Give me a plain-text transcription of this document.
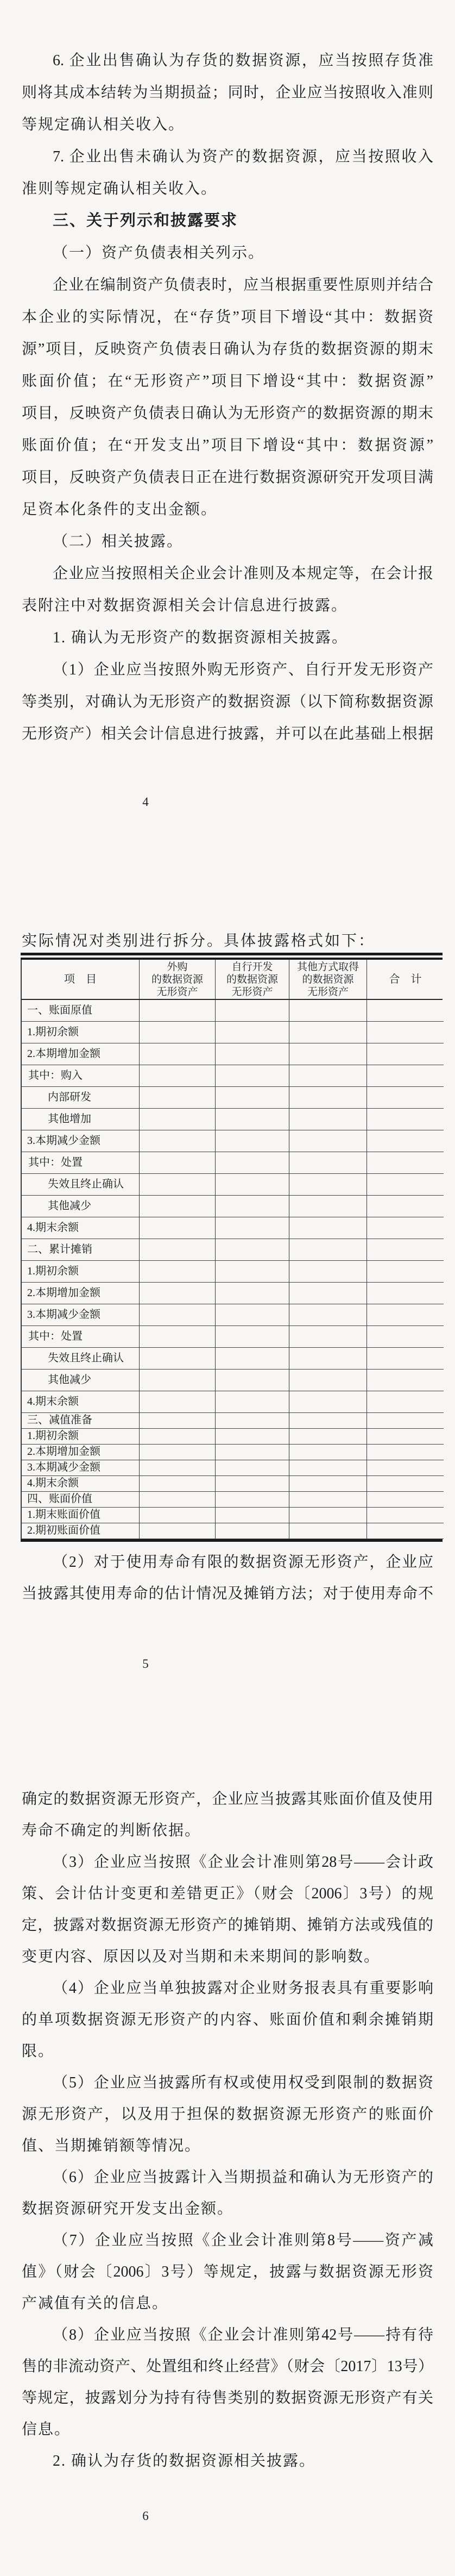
6. 企业出售确认为存货的数据资源，应当按照存货准
则将其成本结转为当期损益；同时，企业应当按照收入准则
等规定确认相关收入。
7. 企业出售未确认为资产的数据资源，应当按照收入
准则等规定确认相关收入。
三、关于列示和披露要求
（一）资产负债表相关列示。
企业在编制资产负债表时，应当根据重要性原则并结合
本企业的实际情况，在“存货”项目下增设“其中：数据资
源”项目，反映资产负债表日确认为存货的数据资源的期末
账面价值；在“无形资产”项目下增设“其中：数据资源”
项目，反映资产负债表日确认为无形资产的数据资源的期末
账面价值；在“开发支出”项目下增设“其中：数据资源”
项目，反映资产负债表日正在进行数据资源研究开发项目满
足资本化条件的支出金额。
（二）相关披露。
企业应当按照相关企业会计准则及本规定等，在会计报
表附注中对数据资源相关会计信息进行披露。
1. 确认为无形资产的数据资源相关披露。
（1）企业应当按照外购无形资产、自行开发无形资产
等类别，对确认为无形资产的数据资源（以下简称数据资源
无形资产）相关会计信息进行披露，并可以在此基础上根据
4
实际情况对类别进行拆分。具体披露格式如下：
项　目
外购
的数据资源
无形资产
自行开发
的数据资源
无形资产
其他方式取得
的数据资源
无形资产
合　计
一、账面原值
1.期初余额
2.本期增加金额
其中：购入
内部研发
其他增加
3.本期减少金额
其中：处置
失效且终止确认
其他减少
4.期末余额
二、累计摊销
1.期初余额
2.本期增加金额
3.本期减少金额
其中：处置
失效且终止确认
其他减少
4.期末余额
三、减值准备
1.期初余额
2.本期增加金额
3.本期减少金额
4.期末余额
四、账面价值
1.期末账面价值
2.期初账面价值
（2）对于使用寿命有限的数据资源无形资产，企业应
当披露其使用寿命的估计情况及摊销方法；对于使用寿命不
5
确定的数据资源无形资产，企业应当披露其账面价值及使用
寿命不确定的判断依据。
（3）企业应当按照《企业会计准则第28号——会计政
策、会计估计变更和差错更正》（财会〔2006〕3号）的规
定，披露对数据资源无形资产的摊销期、摊销方法或残值的
变更内容、原因以及对当期和未来期间的影响数。
（4）企业应当单独披露对企业财务报表具有重要影响
的单项数据资源无形资产的内容、账面价值和剩余摊销期
限。
（5）企业应当披露所有权或使用权受到限制的数据资
源无形资产，以及用于担保的数据资源无形资产的账面价
值、当期摊销额等情况。
（6）企业应当披露计入当期损益和确认为无形资产的
数据资源研究开发支出金额。
（7）企业应当按照《企业会计准则第8号——资产减
值》（财会〔2006〕3号）等规定，披露与数据资源无形资
产减值有关的信息。
（8）企业应当按照《企业会计准则第42号——持有待
售的非流动资产、处置组和终止经营》（财会〔2017〕13号）
等规定，披露划分为持有待售类别的数据资源无形资产有关
信息。
2. 确认为存货的数据资源相关披露。
6
